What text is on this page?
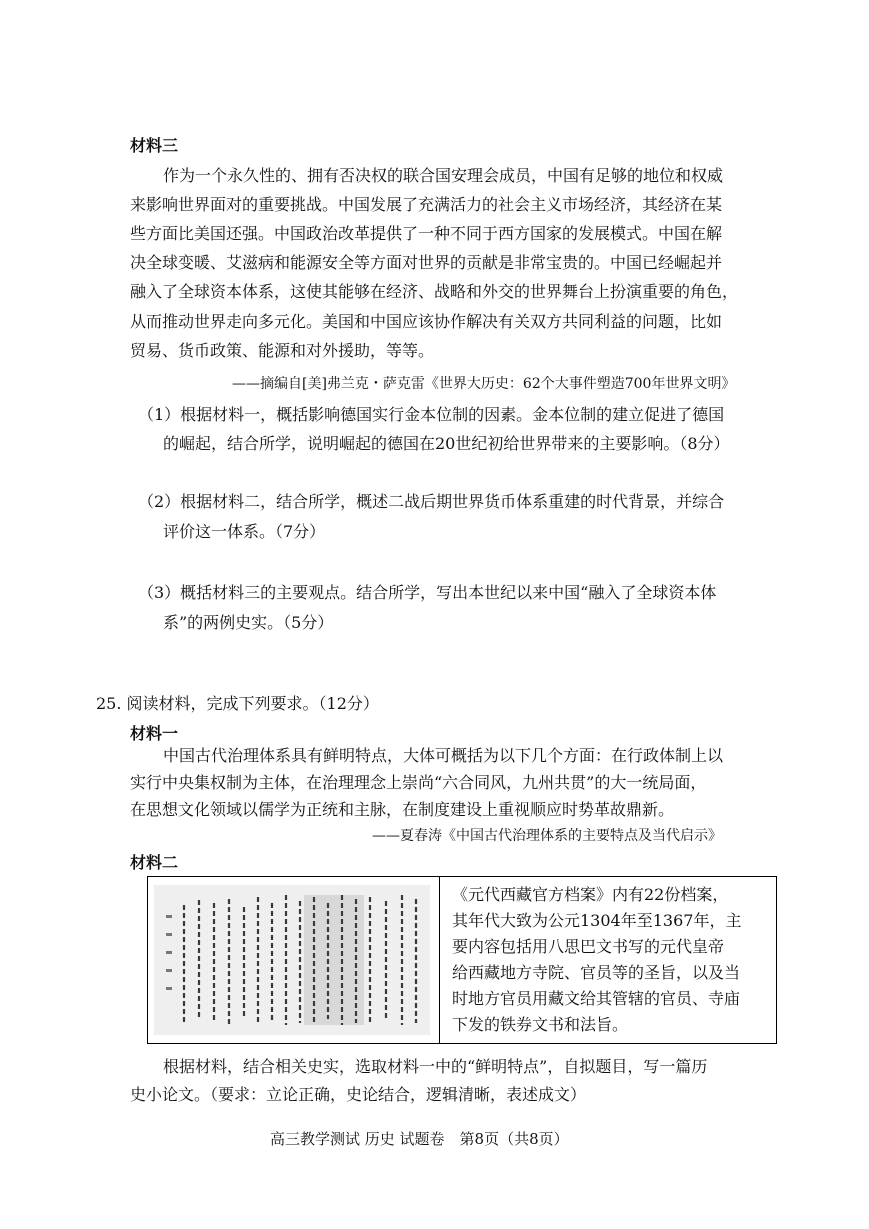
材料三
作为一个永久性的、拥有否决权的联合国安理会成员，中国有足够的地位和权威
来影响世界面对的重要挑战。中国发展了充满活力的社会主义市场经济，其经济在某
些方面比美国还强。中国政治改革提供了一种不同于西方国家的发展模式。中国在解
决全球变暖、艾滋病和能源安全等方面对世界的贡献是非常宝贵的。中国已经崛起并
融入了全球资本体系，这使其能够在经济、战略和外交的世界舞台上扮演重要的角色，
从而推动世界走向多元化。美国和中国应该协作解决有关双方共同利益的问题，比如
贸易、货币政策、能源和对外援助，等等。
——摘编自[美]弗兰克・萨克雷《世界大历史：62个大事件塑造700年世界文明》
（1）根据材料一，概括影响德国实行金本位制的因素。金本位制的建立促进了德国
的崛起，结合所学，说明崛起的德国在20世纪初给世界带来的主要影响。（8分）
（2）根据材料二，结合所学，概述二战后期世界货币体系重建的时代背景，并综合
评价这一体系。（7分）
（3）概括材料三的主要观点。结合所学，写出本世纪以来中国“融入了全球资本体
系”的两例史实。（5分）
25. 阅读材料，完成下列要求。（12分）
材料一
中国古代治理体系具有鲜明特点，大体可概括为以下几个方面：在行政体制上以
实行中央集权制为主体，在治理理念上崇尚“六合同风，九州共贯”的大一统局面，
在思想文化领域以儒学为正统和主脉，在制度建设上重视顺应时势革故鼎新。
——夏春涛《中国古代治理体系的主要特点及当代启示》
材料二
《元代西藏官方档案》内有22份档案，
其年代大致为公元1304年至1367年，主
要内容包括用八思巴文书写的元代皇帝
给西藏地方寺院、官员等的圣旨，以及当
时地方官员用藏文给其管辖的官员、寺庙
下发的铁券文书和法旨。
根据材料，结合相关史实，选取材料一中的“鲜明特点”，自拟题目，写一篇历
史小论文。（要求：立论正确，史论结合，逻辑清晰，表述成文）
高三教学测试 历史 试题卷　第8页（共8页）
